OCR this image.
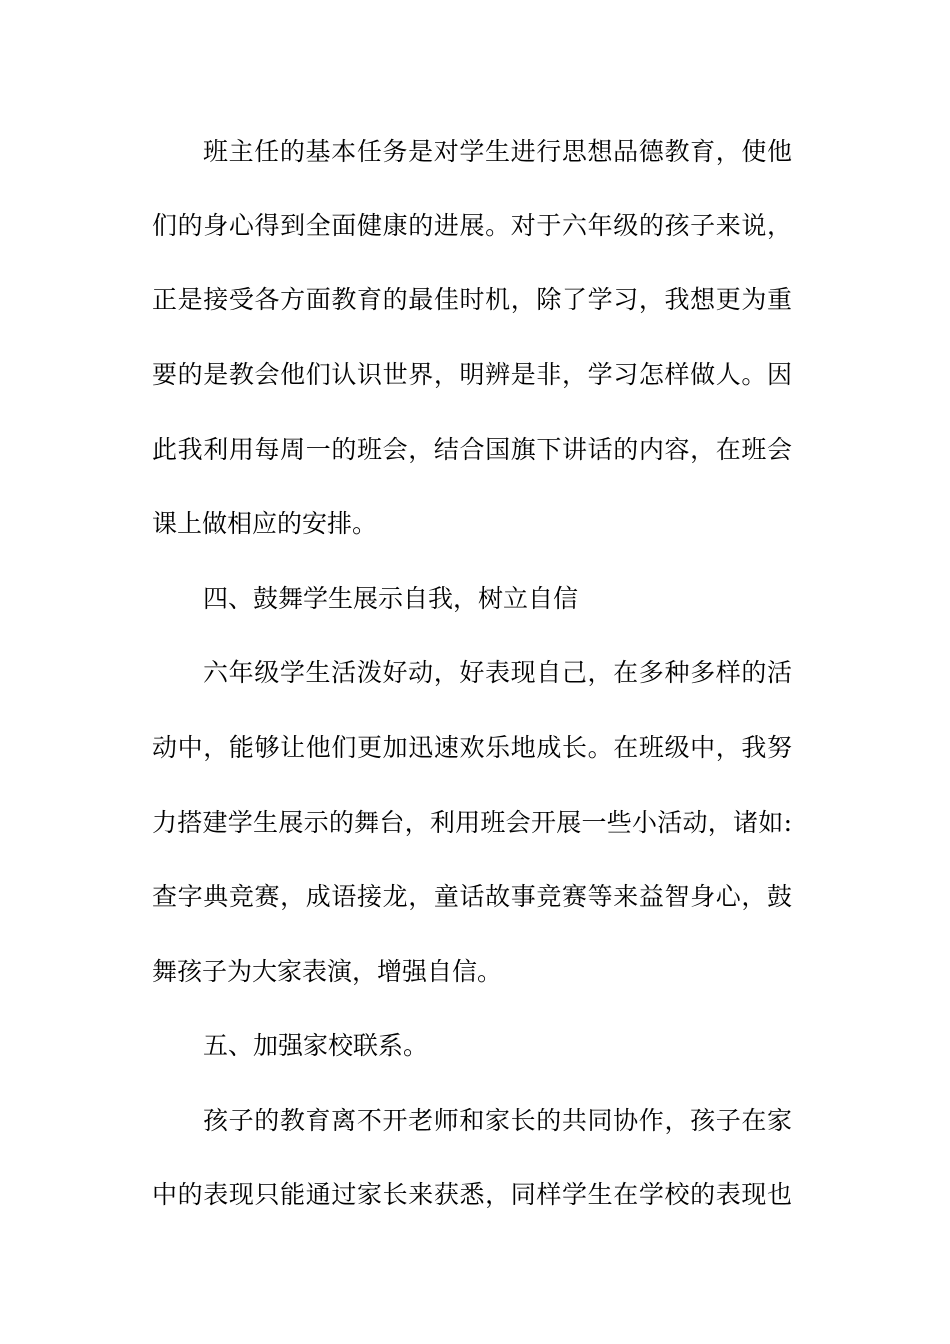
班主任的基本任务是对学生进行思想品德教育，使他
们的身心得到全面健康的进展。对于六年级的孩子来说，
正是接受各方面教育的最佳时机，除了学习，我想更为重
要的是教会他们认识世界，明辨是非，学习怎样做人。因
此我利用每周一的班会，结合国旗下讲话的内容，在班会
课上做相应的安排。
四、鼓舞学生展示自我，树立自信
六年级学生活泼好动，好表现自己，在多种多样的活
动中，能够让他们更加迅速欢乐地成长。在班级中，我努
力搭建学生展示的舞台，利用班会开展一些小活动，诸如:
查字典竞赛，成语接龙，童话故事竞赛等来益智身心，鼓
舞孩子为大家表演，增强自信。
五、加强家校联系。
孩子的教育离不开老师和家长的共同协作，孩子在家
中的表现只能通过家长来获悉，同样学生在学校的表现也
